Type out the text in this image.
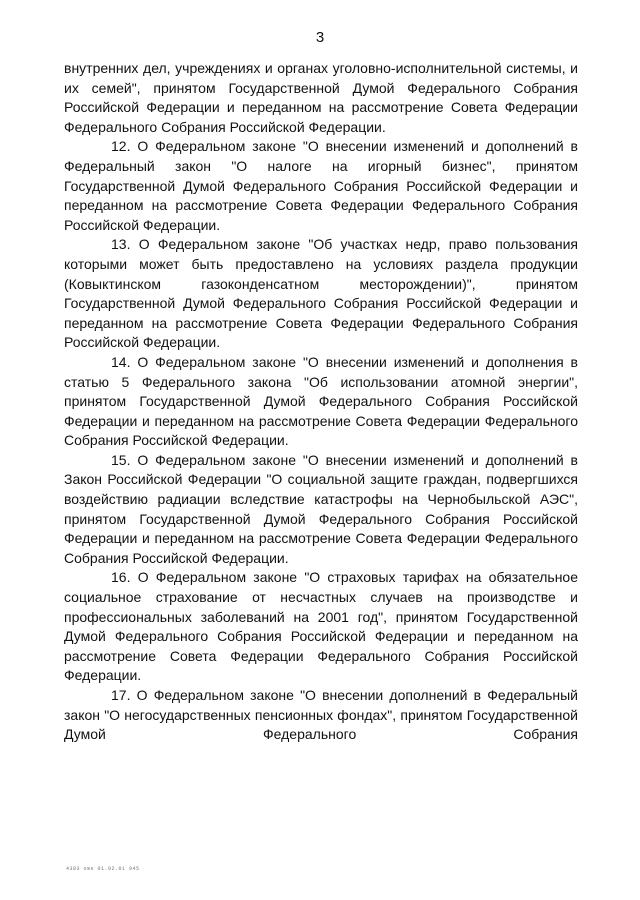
3

внутренних дел, учреждениях и органах уголовно-исполнительной системы, и их семей", принятом Государственной Думой Федерального Собрания Российской Федерации и переданном на рассмотрение Совета Федерации Федерального Собрания Российской Федерации.

12. О Федеральном законе "О внесении изменений и дополнений в Федеральный закон "О налоге на игорный бизнес", принятом Государственной Думой Федерального Собрания Российской Федерации и переданном на рассмотрение Совета Федерации Федерального Собрания Российской Федерации.

13. О Федеральном законе "Об участках недр, право пользования которыми может быть предоставлено на условиях раздела продукции (Ковыктинском газоконденсатном месторождении)", принятом Государственной Думой Федерального Собрания Российской Федерации и переданном на рассмотрение Совета Федерации Федерального Собрания Российской Федерации.

14. О Федеральном законе "О внесении изменений и дополнения в статью 5 Федерального закона "Об использовании атомной энергии", принятом Государственной Думой Федерального Собрания Российской Федерации и переданном на рассмотрение Совета Федерации Федерального Собрания Российской Федерации.

15. О Федеральном законе "О внесении изменений и дополнений в Закон Российской Федерации "О социальной защите граждан, подвергшихся воздействию радиации вследствие катастрофы на Чернобыльской АЭС", принятом Государственной Думой Федерального Собрания Российской Федерации и переданном на рассмотрение Совета Федерации Федерального Собрания Российской Федерации.

16. О Федеральном законе "О страховых тарифах на обязательное социальное страхование от несчастных случаев на производстве и профессиональных заболеваний на 2001 год", принятом Государственной Думой Федерального Собрания Российской Федерации и переданном на рассмотрение Совета Федерации Федерального Собрания Российской Федерации.

17. О Федеральном законе "О внесении дополнений в Федеральный закон "О негосударственных пенсионных фондах", принятом Государственной Думой Федерального Собрания

4383 ожк 01.02.01 945
